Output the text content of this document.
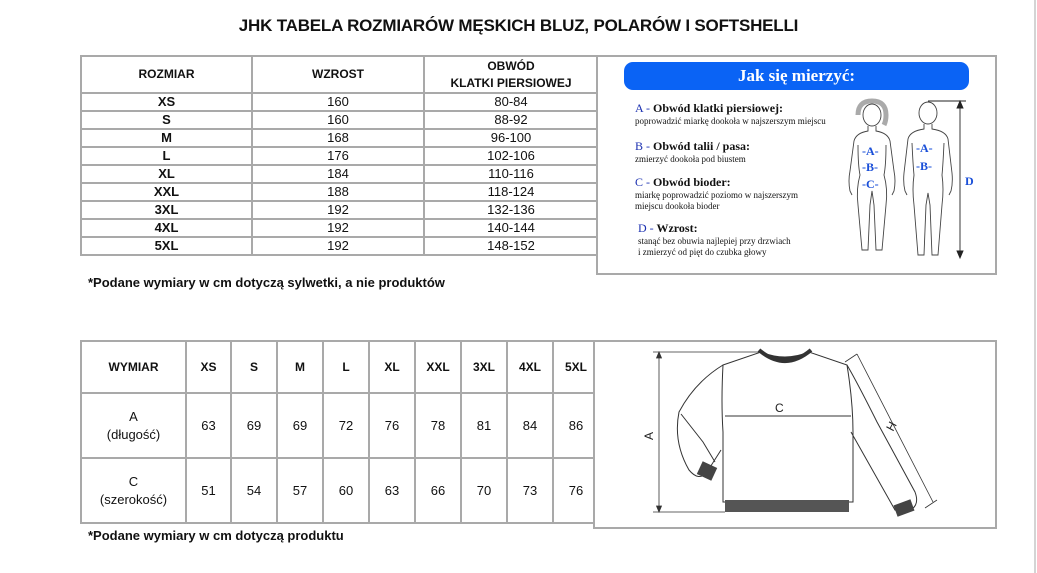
JHK TABELA ROZMIARÓW MĘSKICH BLUZ, POLARÓW I SOFTSHELLI
ROZMIAR	WZROST	OBWÓD
KLATKI PIERSIOWEJ

XS	160	80-84
S	160	88-92
M	168	96-100
L	176	102-106
XL	184	110-116
XXL	188	118-124
3XL	192	132-136
4XL	192	140-144
5XL	192	148-152
*Podane wymiary w cm dotyczą sylwetki, a nie produktów
Jak się mierzyć:
A - Obwód klatki piersiowej:
poprowadzić miarkę dookoła w najszerszym miejscu
B - Obwód talii / pasa:
zmierzyć dookoła pod biustem
C - Obwód bioder:
miarkę poprowadzić poziomo w najszerszym
miejscu dookoła bioder
D - Wzrost:
stanąć bez obuwia najlepiej przy drzwiach
i zmierzyć od pięt do czubka głowy
-A-
-B-
-C-
-A-
-B-
D
WYMIAR	XS	S	M	L	XL	XXL	3XL	4XL	5XL

A
(długość)	63	69	69	72	76	78	81	84	86

C
(szerokość)	51	54	57	60	63	66	70	73	76
*Podane wymiary w cm dotyczą produktu
C
A
H
